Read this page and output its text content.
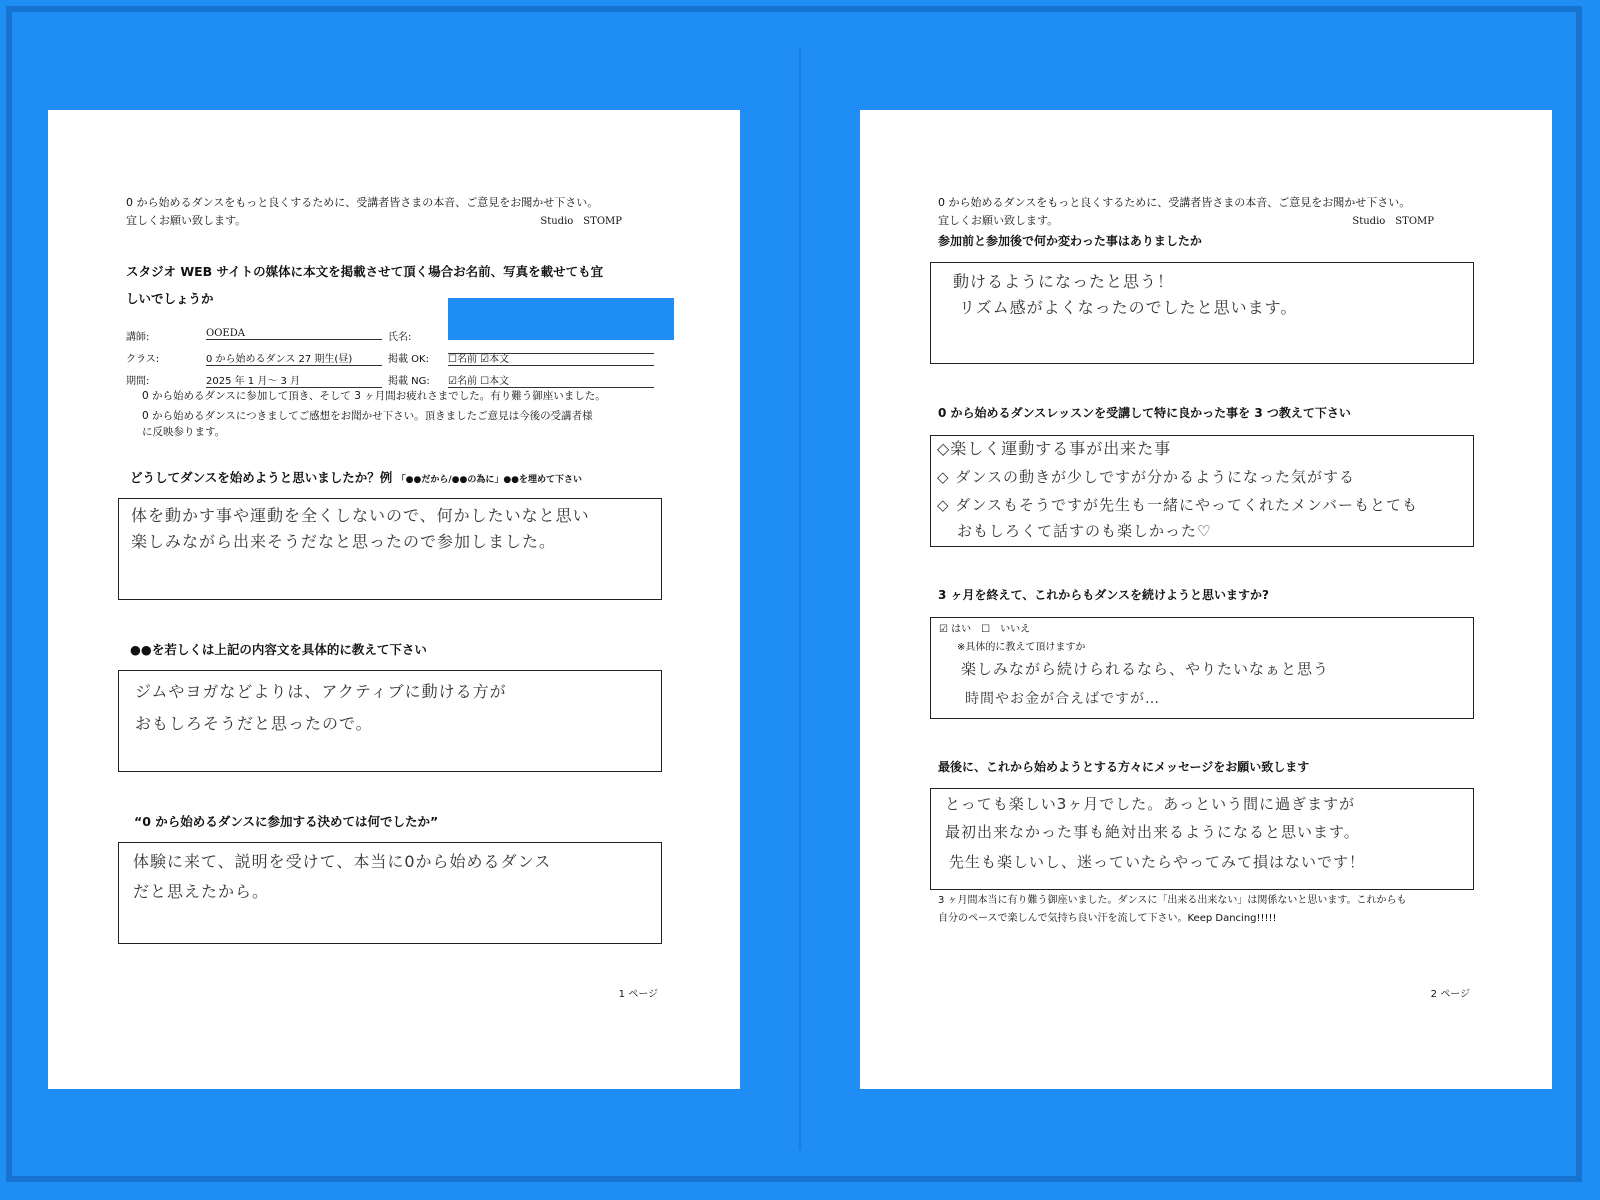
0 から始めるダンスをもっと良くするために、受講者皆さまの本音、ご意見をお聞かせ下さい。
宜しくお願い致します。	Studio　STOMP
スタジオ WEB サイトの媒体に本文を掲載させて頂く場合お名前、写真を載せても宜
しいでしょうか
講師:	OOEDA	氏名:

クラス:	0 から始めるダンス 27 期生(昼)	掲載 OK: ☐名前 ☑本文
期間:	2025 年 1 月～ 3 月	掲載 NG: ☑名前 ☐本文
0 から始めるダンスに参加して頂き、そして 3 ヶ月間お疲れさまでした。有り難う御座いました。
0 から始めるダンスにつきましてご感想をお聞かせ下さい。頂きましたご意見は今後の受講者様
に反映参ります。
どうしてダンスを始めようと思いましたか？例 「●●だから/●●の為に」●●を埋めて下さい
体を動かす事や運動を全くしないので、何かしたいなと思い
楽しみながら出来そうだなと思ったので参加しました。
●●を若しくは上記の内容文を具体的に教えて下さい
ジムやヨガなどよりは、アクティブに動ける方が
おもしろそうだと思ったので。
“0 から始めるダンスに参加する決めては何でしたか”
体験に来て、説明を受けて、本当に0から始めるダンス
だと思えたから。
1 ページ
0 から始めるダンスをもっと良くするために、受講者皆さまの本音、ご意見をお聞かせ下さい。
宜しくお願い致します。	Studio　STOMP
参加前と参加後で何か変わった事はありましたか
動けるようになったと思う！
リズム感がよくなったのでしたと思います。
0 から始めるダンスレッスンを受講して特に良かった事を 3 つ教えて下さい
◇楽しく運動する事が出来た事
◇ ダンスの動きが少しですが分かるようになった気がする
◇ ダンスもそうですが先生も一緒にやってくれたメンバーもとても
おもしろくて話すのも楽しかった♡
3 ヶ月を終えて、これからもダンスを続けようと思いますか?
☑ はい　☐　いいえ
※具体的に教えて頂けますか
楽しみながら続けられるなら、やりたいなぁと思う
時間やお金が合えばですが…
最後に、これから始めようとする方々にメッセージをお願い致します
とっても楽しい3ヶ月でした。あっという間に過ぎますが
最初出来なかった事も絶対出来るようになると思います。
先生も楽しいし、迷っていたらやってみて損はないです！
3 ヶ月間本当に有り難う御座いました。ダンスに「出来る出来ない」は関係ないと思います。これからも
自分のペースで楽しんで気持ち良い汗を流して下さい。Keep Dancing!!!!!
2 ページ
